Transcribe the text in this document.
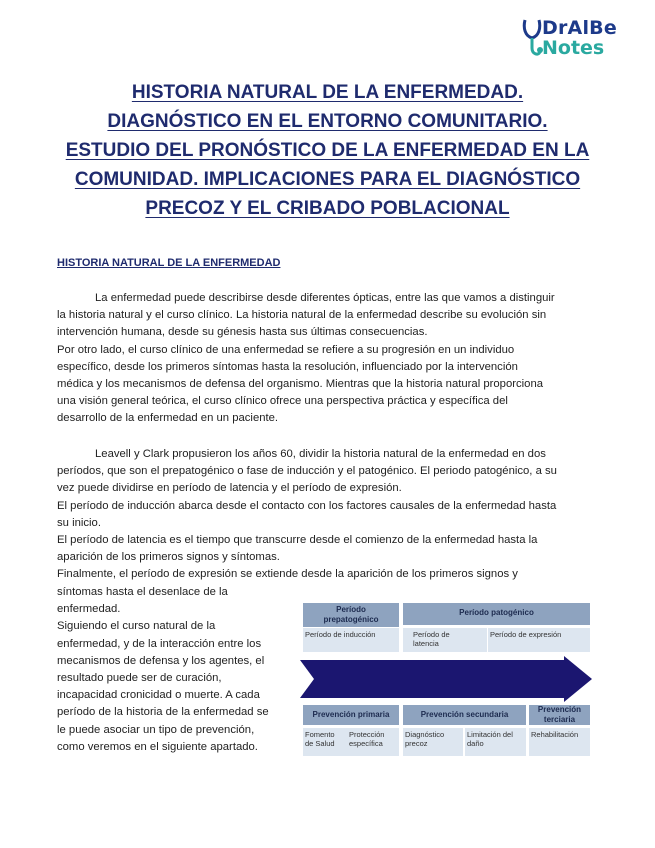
DrAlBe
Notes
HISTORIA NATURAL DE LA ENFERMEDAD.
DIAGNÓSTICO EN EL ENTORNO COMUNITARIO.
ESTUDIO DEL PRONÓSTICO DE LA ENFERMEDAD EN LA
COMUNIDAD. IMPLICACIONES PARA EL DIAGNÓSTICO
PRECOZ Y EL CRIBADO POBLACIONAL
HISTORIA NATURAL DE LA ENFERMEDAD
La enfermedad puede describirse desde diferentes ópticas, entre las que vamos a distinguir
la historia natural y el curso clínico. La historia natural de la enfermedad describe su evolución sin
intervención humana, desde su génesis hasta sus últimas consecuencias.
Por otro lado, el curso clínico de una enfermedad se refiere a su progresión en un individuo
específico, desde los primeros síntomas hasta la resolución, influenciado por la intervención
médica y los mecanismos de defensa del organismo. Mientras que la historia natural proporciona
una visión general teórica, el curso clínico ofrece una perspectiva práctica y específica del
desarrollo de la enfermedad en un paciente.
Leavell y Clark propusieron los años 60, dividir la historia natural de la enfermedad en dos
períodos, que son el prepatogénico o fase de inducción y el patogénico. El periodo patogénico, a su
vez puede dividirse en período de latencia y el período de expresión.
El período de inducción abarca desde el contacto con los factores causales de la enfermedad hasta
su inicio.
El período de latencia es el tiempo que transcurre desde el comienzo de la enfermedad hasta la
aparición de los primeros signos y síntomas.
Finalmente, el período de expresión se extiende desde la aparición de los primeros signos y
síntomas hasta el desenlace de la
enfermedad.
Siguiendo el curso natural de la
enfermedad, y de la interacción entre los
mecanismos de defensa y los agentes, el
resultado puede ser de curación,
incapacidad cronicidad o muerte. A cada
período de la historia de la enfermedad se
le puede asociar un tipo de prevención,
como veremos en el siguiente apartado.
Período
prepatogénico
Período patogénico
Período de inducción	Período de
latencia
Período de expresión
Prevención primaria	Prevención secundaria
Prevención
terciaria
Fomento
de Salud
Protección
específica
Diagnóstico
precoz
Limitación del
daño
Rehabilitación
